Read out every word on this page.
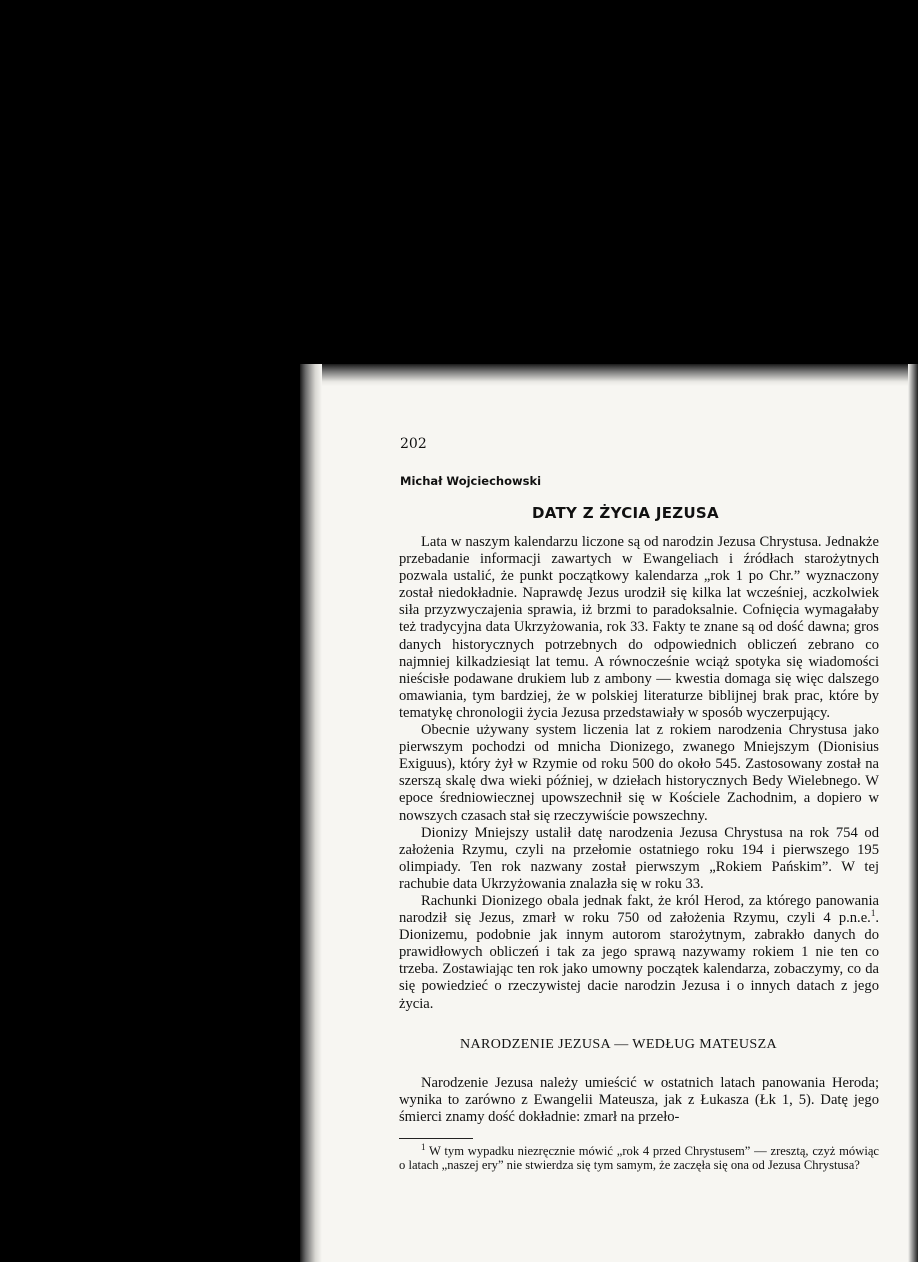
202
Michał Wojciechowski
DATY Z ŻYCIA JEZUSA

Lata w naszym kalendarzu liczone są od narodzin Jezusa Chrystusa. Jednakże przebadanie informacji zawartych w Ewangeliach i źródłach starożytnych pozwala ustalić, że punkt początkowy kalendarza „rok 1 po Chr.” wyznaczony został niedokładnie. Naprawdę Jezus urodził się kilka lat wcześniej, aczkolwiek siła przyzwyczajenia sprawia, iż brzmi to paradoksalnie. Cofnięcia wymagałaby też tradycyjna data Ukrzyżowania, rok 33. Fakty te znane są od dość dawna; gros danych historycznych potrzebnych do odpowiednich obliczeń zebrano co najmniej kilkadziesiąt lat temu. A równocześnie wciąż spotyka się wiadomości nieścisłe podawane drukiem lub z ambony — kwestia domaga się więc dalszego omawiania, tym bardziej, że w polskiej literaturze biblijnej brak prac, które by tematykę chronologii życia Jezusa przedstawiały w sposób wyczerpujący.

Obecnie używany system liczenia lat z rokiem narodzenia Chrystusa jako pierwszym pochodzi od mnicha Dionizego, zwanego Mniejszym (Dionisius Exiguus), który żył w Rzymie od roku 500 do około 545. Zastosowany został na szerszą skalę dwa wieki później, w dziełach historycznych Bedy Wielebnego. W epoce średniowiecznej upowszechnił się w Kościele Zachodnim, a dopiero w nowszych czasach stał się rzeczywiście powszechny.

Dionizy Mniejszy ustalił datę narodzenia Jezusa Chrystusa na rok 754 od założenia Rzymu, czyli na przełomie ostatniego roku 194 i pierwszego 195 olimpiady. Ten rok nazwany został pierwszym „Rokiem Pańskim”. W tej rachubie data Ukrzyżowania znalazła się w roku 33.

Rachunki Dionizego obala jednak fakt, że król Herod, za którego panowania narodził się Jezus, zmarł w roku 750 od założenia Rzymu, czyli 4 p.n.e.$^1$. Dionizemu, podobnie jak innym autorom starożytnym, zabrakło danych do prawidłowych obliczeń i tak za jego sprawą nazywamy rokiem 1 nie ten co trzeba. Zostawiając ten rok jako umowny początek kalendarza, zobaczymy, co da się powiedzieć o rzeczywistej dacie narodzin Jezusa i o innych datach z jego życia.

NARODZENIE JEZUSA — WEDŁUG MATEUSZA

Narodzenie Jezusa należy umieścić w ostatnich latach panowania Heroda; wynika to zarówno z Ewangelii Mateusza, jak z Łukasza (Łk 1, 5). Datę jego śmierci znamy dość dokładnie: zmarł na przeło-

$^1$ W tym wypadku niezręcznie mówić „rok 4 przed Chrystusem” — zresztą, czyż mówiąc o latach „naszej ery” nie stwierdza się tym samym, że zaczęła się ona od Jezusa Chrystusa?
